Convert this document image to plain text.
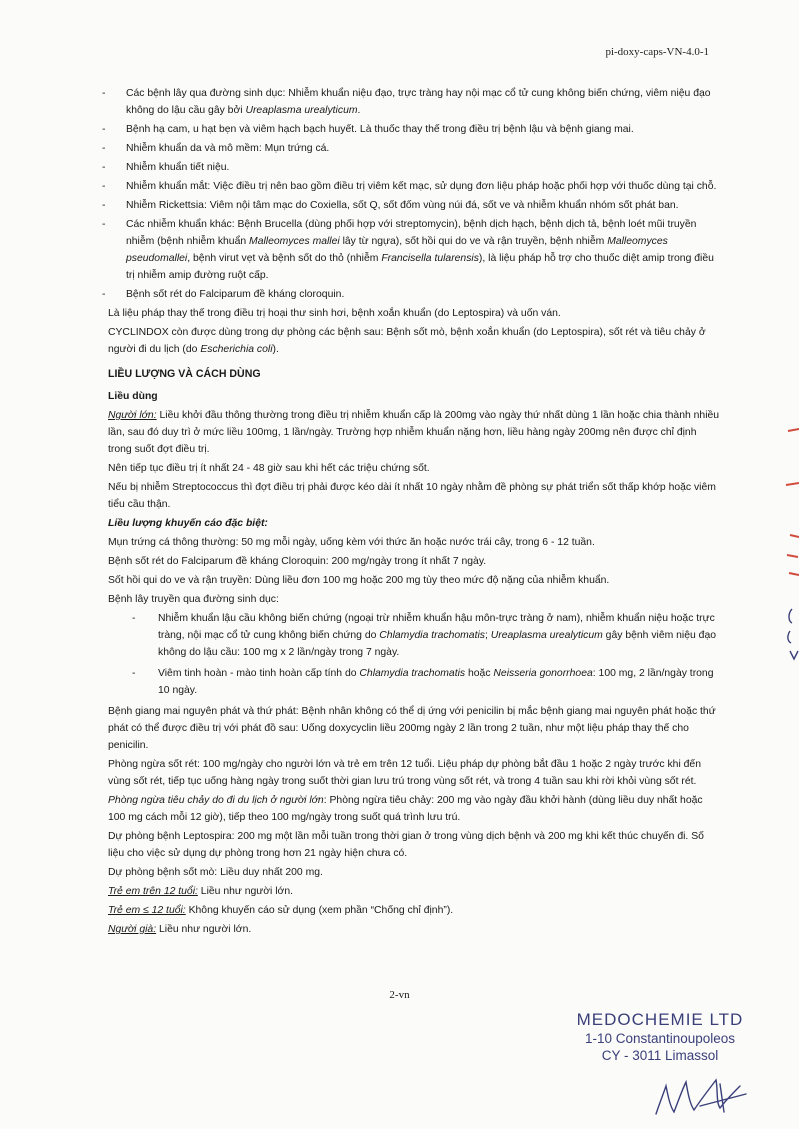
pi-doxy-caps-VN-4.0-1
- Các bệnh lây qua đường sinh dục: Nhiễm khuẩn niệu đạo, trực tràng hay nội mạc cổ tử cung không biến chứng, viêm niệu đạo không do lậu cầu gây bởi Ureaplasma urealyticum.
- Bệnh hạ cam, u hạt bẹn và viêm hạch bạch huyết. Là thuốc thay thế trong điều trị bệnh lậu và bệnh giang mai.
- Nhiễm khuẩn da và mô mềm: Mụn trứng cá.
- Nhiễm khuẩn tiết niệu.
- Nhiễm khuẩn mắt: Việc điều trị nên bao gồm điều trị viêm kết mạc, sử dụng đơn liệu pháp hoặc phối hợp với thuốc dùng tại chỗ.
- Nhiễm Rickettsia: Viêm nội tâm mạc do Coxiella, sốt Q, sốt đốm vùng núi đá, sốt ve và nhiễm khuẩn nhóm sốt phát ban.
- Các nhiễm khuẩn khác: Bệnh Brucella (dùng phối hợp với streptomycin), bệnh dịch hạch, bệnh dịch tả, bệnh loét mũi truyền nhiễm (bệnh nhiễm khuẩn Malleomyces mallei lây từ ngựa), sốt hồi qui do ve và rận truyền, bệnh nhiễm Malleomyces pseudomallei, bệnh virut vẹt và bệnh sốt do thỏ (nhiễm Francisella tularensis), là liệu pháp hỗ trợ cho thuốc diệt amip trong điều trị nhiễm amip đường ruột cấp.
- Bệnh sốt rét do Falciparum đề kháng cloroquin.
Là liệu pháp thay thế trong điều trị hoại thư sinh hơi, bệnh xoắn khuẩn (do Leptospira) và uốn ván.
CYCLINDOX còn được dùng trong dự phòng các bệnh sau: Bệnh sốt mò, bệnh xoắn khuẩn (do Leptospira), sốt rét và tiêu chảy ở người đi du lịch (do Escherichia coli).
LIỀU LƯỢNG VÀ CÁCH DÙNG
Liều dùng
Người lớn: Liều khởi đầu thông thường trong điều trị nhiễm khuẩn cấp là 200mg vào ngày thứ nhất dùng 1 lần hoặc chia thành nhiều lần, sau đó duy trì ở mức liều 100mg, 1 lần/ngày. Trường hợp nhiễm khuẩn nặng hơn, liều hàng ngày 200mg nên được chỉ định trong suốt đợt điều trị.
Nên tiếp tục điều trị ít nhất 24 - 48 giờ sau khi hết các triệu chứng sốt.
Nếu bị nhiễm Streptococcus thì đợt điều trị phải được kéo dài ít nhất 10 ngày nhằm đề phòng sự phát triển sốt thấp khớp hoặc viêm tiểu cầu thận.
Liều lượng khuyến cáo đặc biệt:
Mụn trứng cá thông thường: 50 mg mỗi ngày, uống kèm với thức ăn hoặc nước trái cây, trong 6 - 12 tuần.
Bệnh sốt rét do Falciparum đề kháng Cloroquin: 200 mg/ngày trong ít nhất 7 ngày.
Sốt hồi qui do ve và rận truyền: Dùng liều đơn 100 mg hoặc 200 mg tùy theo mức độ nặng của nhiễm khuẩn.
Bệnh lây truyền qua đường sinh dục:
- Nhiễm khuẩn lậu cầu không biến chứng (ngoại trừ nhiễm khuẩn hậu môn-trực tràng ở nam), nhiễm khuẩn niệu hoặc trực tràng, nội mạc cổ tử cung không biến chứng do Chlamydia trachomatis; Ureaplasma urealyticum gây bệnh viêm niệu đạo không do lậu cầu: 100 mg x 2 lần/ngày trong 7 ngày.
- Viêm tinh hoàn - mào tinh hoàn cấp tính do Chlamydia trachomatis hoặc Neisseria gonorrhoea: 100 mg, 2 lần/ngày trong 10 ngày.
Bệnh giang mai nguyên phát và thứ phát: Bệnh nhân không có thể dị ứng với penicilin bị mắc bệnh giang mai nguyên phát hoặc thứ phát có thể được điều trị với phát đồ sau: Uống doxycyclin liều 200mg ngày 2 lần trong 2 tuần, như một liệu pháp thay thế cho penicilin.
Phòng ngừa sốt rét: 100 mg/ngày cho người lớn và trẻ em trên 12 tuổi. Liệu pháp dự phòng bắt đầu 1 hoặc 2 ngày trước khi đến vùng sốt rét, tiếp tục uống hàng ngày trong suốt thời gian lưu trú trong vùng sốt rét, và trong 4 tuần sau khi rời khỏi vùng sốt rét.
Phòng ngừa tiêu chảy do đi du lịch ở người lớn: Phòng ngừa tiêu chảy: 200 mg vào ngày đầu khởi hành (dùng liều duy nhất hoặc 100 mg cách mỗi 12 giờ), tiếp theo 100 mg/ngày trong suốt quá trình lưu trú.
Dự phòng bệnh Leptospira: 200 mg một lần mỗi tuần trong thời gian ở trong vùng dịch bệnh và 200 mg khi kết thúc chuyến đi. Số liệu cho việc sử dụng dự phòng trong hơn 21 ngày hiện chưa có.
Dự phòng bệnh sốt mò: Liều duy nhất 200 mg.
Trẻ em trên 12 tuổi: Liều như người lớn.
Trẻ em ≤ 12 tuổi: Không khuyến cáo sử dụng (xem phần “Chống chỉ định”).
Người già: Liều như người lớn.
2-vn
MEDOCHEMIE LTD
1-10 Constantinoupoleos
CY - 3011 Limassol
